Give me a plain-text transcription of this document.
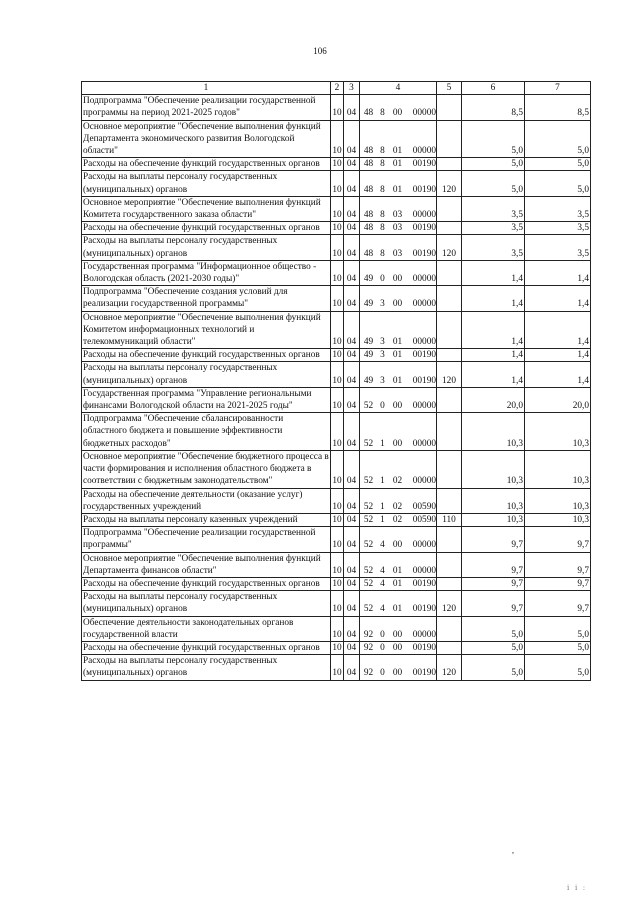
106
1	2	3	4	5	6	7
Подпрограмма "Обеспечение реализации государственной программы на период 2021-2025 годов"	10	04	48 8 00 00000		8,5	8,5
Основное мероприятие "Обеспечение выполнения функций Департамента экономического развития Вологодской области"	10	04	48 8 01 00000		5,0	5,0
Расходы на обеспечение функций государственных органов	10	04	48 8 01 00190		5,0	5,0
Расходы на выплаты персоналу государственных (муниципальных) органов	10	04	48 8 01 00190	120	5,0	5,0
Основное мероприятие "Обеспечение выполнения функций Комитета государственного заказа области"	10	04	48 8 03 00000		3,5	3,5
Расходы на обеспечение функций государственных органов	10	04	48 8 03 00190		3,5	3,5
Расходы на выплаты персоналу государственных (муниципальных) органов	10	04	48 8 03 00190	120	3,5	3,5
Государственная программа "Информационное общество - Вологодская область (2021-2030 годы)"	10	04	49 0 00 00000		1,4	1,4
Подпрограмма "Обеспечение создания условий для реализации государственной программы"	10	04	49 3 00 00000		1,4	1,4
Основное мероприятие "Обеспечение выполнения функций Комитетом информационных технологий и телекоммуникаций области"	10	04	49 3 01 00000		1,4	1,4
Расходы на обеспечение функций государственных органов	10	04	49 3 01 00190		1,4	1,4
Расходы на выплаты персоналу государственных (муниципальных) органов	10	04	49 3 01 00190	120	1,4	1,4
Государственная программа "Управление региональными финансами Вологодской области на 2021-2025 годы"	10	04	52 0 00 00000		20,0	20,0
Подпрограмма "Обеспечение сбалансированности областного бюджета и повышение эффективности бюджетных расходов"	10	04	52 1 00 00000		10,3	10,3
Основное мероприятие "Обеспечение бюджетного процесса в части формирования и исполнения областного бюджета в соответствии с бюджетным законодательством"	10	04	52 1 02 00000		10,3	10,3
Расходы на обеспечение деятельности (оказание услуг) государственных учреждений	10	04	52 1 02 00590		10,3	10,3
Расходы на выплаты персоналу казенных учреждений	10	04	52 1 02 00590	110	10,3	10,3
Подпрограмма "Обеспечение реализации государственной программы"	10	04	52 4 00 00000		9,7	9,7
Основное мероприятие "Обеспечение выполнения функций Департамента финансов области"	10	04	52 4 01 00000		9,7	9,7
Расходы на обеспечение функций государственных органов	10	04	52 4 01 00190		9,7	9,7
Расходы на выплаты персоналу государственных (муниципальных) органов	10	04	52 4 01 00190	120	9,7	9,7
Обеспечение деятельности законодательных органов государственной власти	10	04	92 0 00 00000		5,0	5,0
Расходы на обеспечение функций государственных органов	10	04	92 0 00 00190		5,0	5,0
Расходы на выплаты персоналу государственных (муниципальных) органов	10	04	92 0 00 00190	120	5,0	5,0
,
ⅰ ⅰ :
